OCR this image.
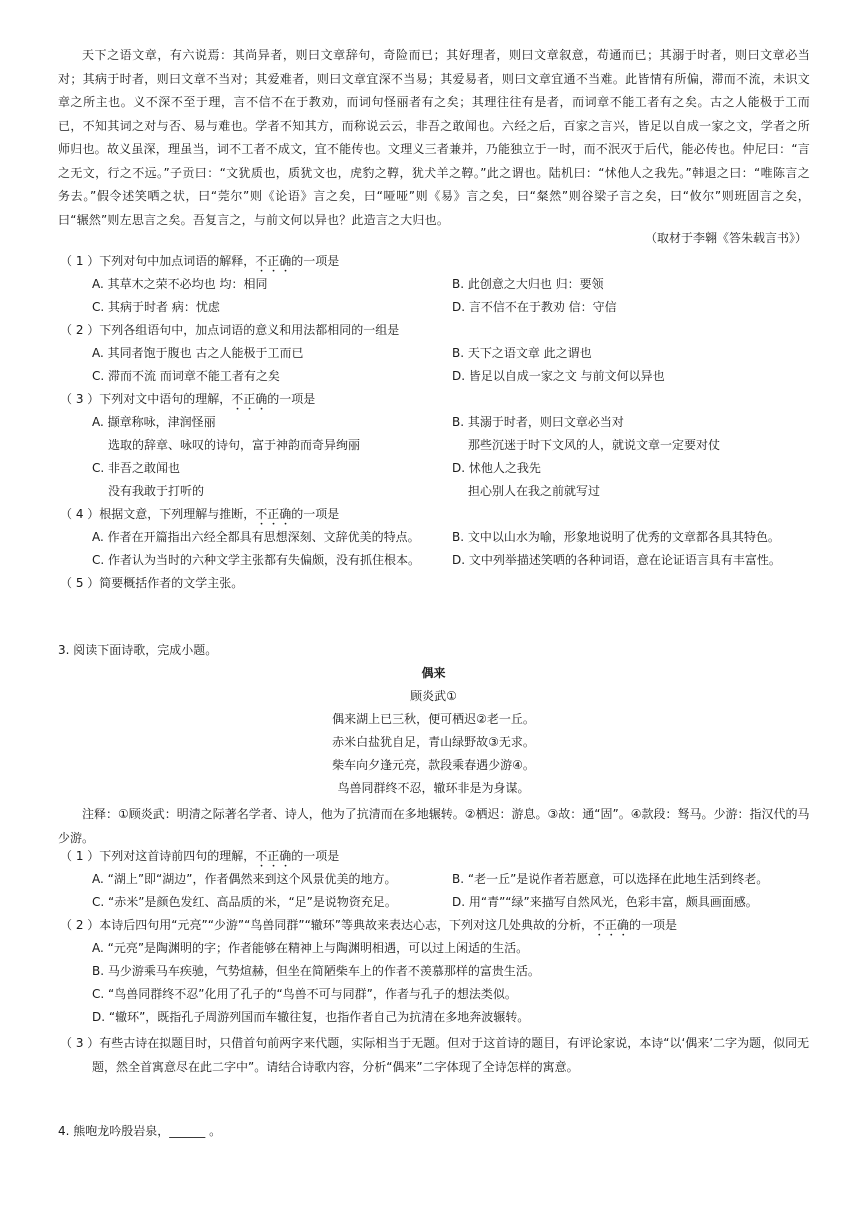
天下之语文章，有六说焉：其尚异者，则曰文章辞句，奇险而已；其好理者，则曰文章叙意，苟通而已；其溺于时者，则曰文章必当对；其病于时者，则曰文章不当对；其爱难者，则曰文章宜深不当易；其爱易者，则曰文章宜通不当难。此皆情有所偏，滞而不流，未识文章之所主也。义不深不至于理，言不信不在于教劝，而词句怪丽者有之矣；其理往往有是者，而词章不能工者有之矣。古之人能极于工而已，不知其词之对与否、易与难也。学者不知其方，而称说云云，非吾之敢闻也。六经之后，百家之言兴，皆足以自成一家之文，学者之所师归也。故义虽深，理虽当，词不工者不成文，宜不能传也。文理义三者兼并，乃能独立于一时，而不泯灭于后代，能必传也。仲尼曰：“言之无文，行之不远。”子贡曰：“文犹质也，质犹文也，虎豹之鞟，犹犬羊之鞟。”此之谓也。陆机曰：“怵他人之我先。”韩退之曰：“唯陈言之务去。”假令述笑哂之状，曰“莞尔”则《论语》言之矣，曰“哑哑”则《易》言之矣，曰“粲然”则谷梁子言之矣，曰“攸尔”则班固言之矣，曰“辗然”则左思言之矣。吾复言之，与前文何以异也？此造言之大归也。
（取材于李翱《答朱载言书》）
（ 1 ）下列对句中加点词语的解释，不正确的一项是
A. 其草木之荣不必均也 均：相同	B. 此创意之大归也 归：要领
C. 其病于时者 病：忧虑	D. 言不信不在于教劝 信：守信
（ 2 ）下列各组语句中，加点词语的意义和用法都相同的一组是
A. 其同者饱于腹也 古之人能极于工而已	B. 天下之语文章 此之谓也
C. 滞而不流 而词章不能工者有之矣	D. 皆足以自成一家之文 与前文何以异也
（ 3 ）下列对文中语句的理解，不正确的一项是
A. 撷章称咏，津润怪丽	B. 其溺于时者，则曰文章必当对
选取的辞章、咏叹的诗句，富于神韵而奇异绚丽	那些沉迷于时下文风的人，就说文章一定要对仗
C. 非吾之敢闻也	D. 怵他人之我先
没有我敢于打听的	担心别人在我之前就写过
（ 4 ）根据文意，下列理解与推断，不正确的一项是
A. 作者在开篇指出六经全都具有思想深刻、文辞优美的特点。	B. 文中以山水为喻，形象地说明了优秀的文章都各具其特色。
C. 作者认为当时的六种文学主张都有失偏颇，没有抓住根本。	D. 文中列举描述笑哂的各种词语，意在论证语言具有丰富性。
（ 5 ）简要概括作者的文学主张。
3. 阅读下面诗歌，完成小题。
偶来
顾炎武①
偶来湖上已三秋，便可栖迟②老一丘。
赤米白盐犹自足，青山绿野故③无求。
柴车向夕逢元亮，款段乘春遇少游④。
鸟兽同群终不忍，辙环非是为身谋。
注释：①顾炎武：明清之际著名学者、诗人，他为了抗清而在多地辗转。②栖迟：游息。③故：通“固”。④款段：驽马。少游：指汉代的马少游。
（ 1 ）下列对这首诗前四句的理解，不正确的一项是
A. “湖上”即“湖边”，作者偶然来到这个风景优美的地方。	B. “老一丘”是说作者若愿意，可以选择在此地生活到终老。
C. “赤米”是颜色发红、高品质的米，“足”是说物资充足。	D. 用“青”“绿”来描写自然风光，色彩丰富，颇具画面感。
（ 2 ）本诗后四句用“元亮”“少游”“鸟兽同群”“辙环”等典故来表达心志，下列对这几处典故的分析，不正确的一项是
A. “元亮”是陶渊明的字；作者能够在精神上与陶渊明相遇，可以过上闲适的生活。
B. 马少游乘马车疾驰，气势煊赫，但坐在简陋柴车上的作者不羡慕那样的富贵生活。
C. “鸟兽同群终不忍”化用了孔子的“鸟兽不可与同群”，作者与孔子的想法类似。
D. “辙环”，既指孔子周游列国而车辙往复，也指作者自己为抗清在多地奔波辗转。
（ 3 ）有些古诗在拟题目时，只借首句前两字来代题，实际相当于无题。但对于这首诗的题目，有评论家说，本诗“以‘偶来’二字为题，似同无题，然全首寓意尽在此二字中”。请结合诗歌内容，分析“偶来”二字体现了全诗怎样的寓意。
4. 熊咆龙吟殷岩泉，______ 。
